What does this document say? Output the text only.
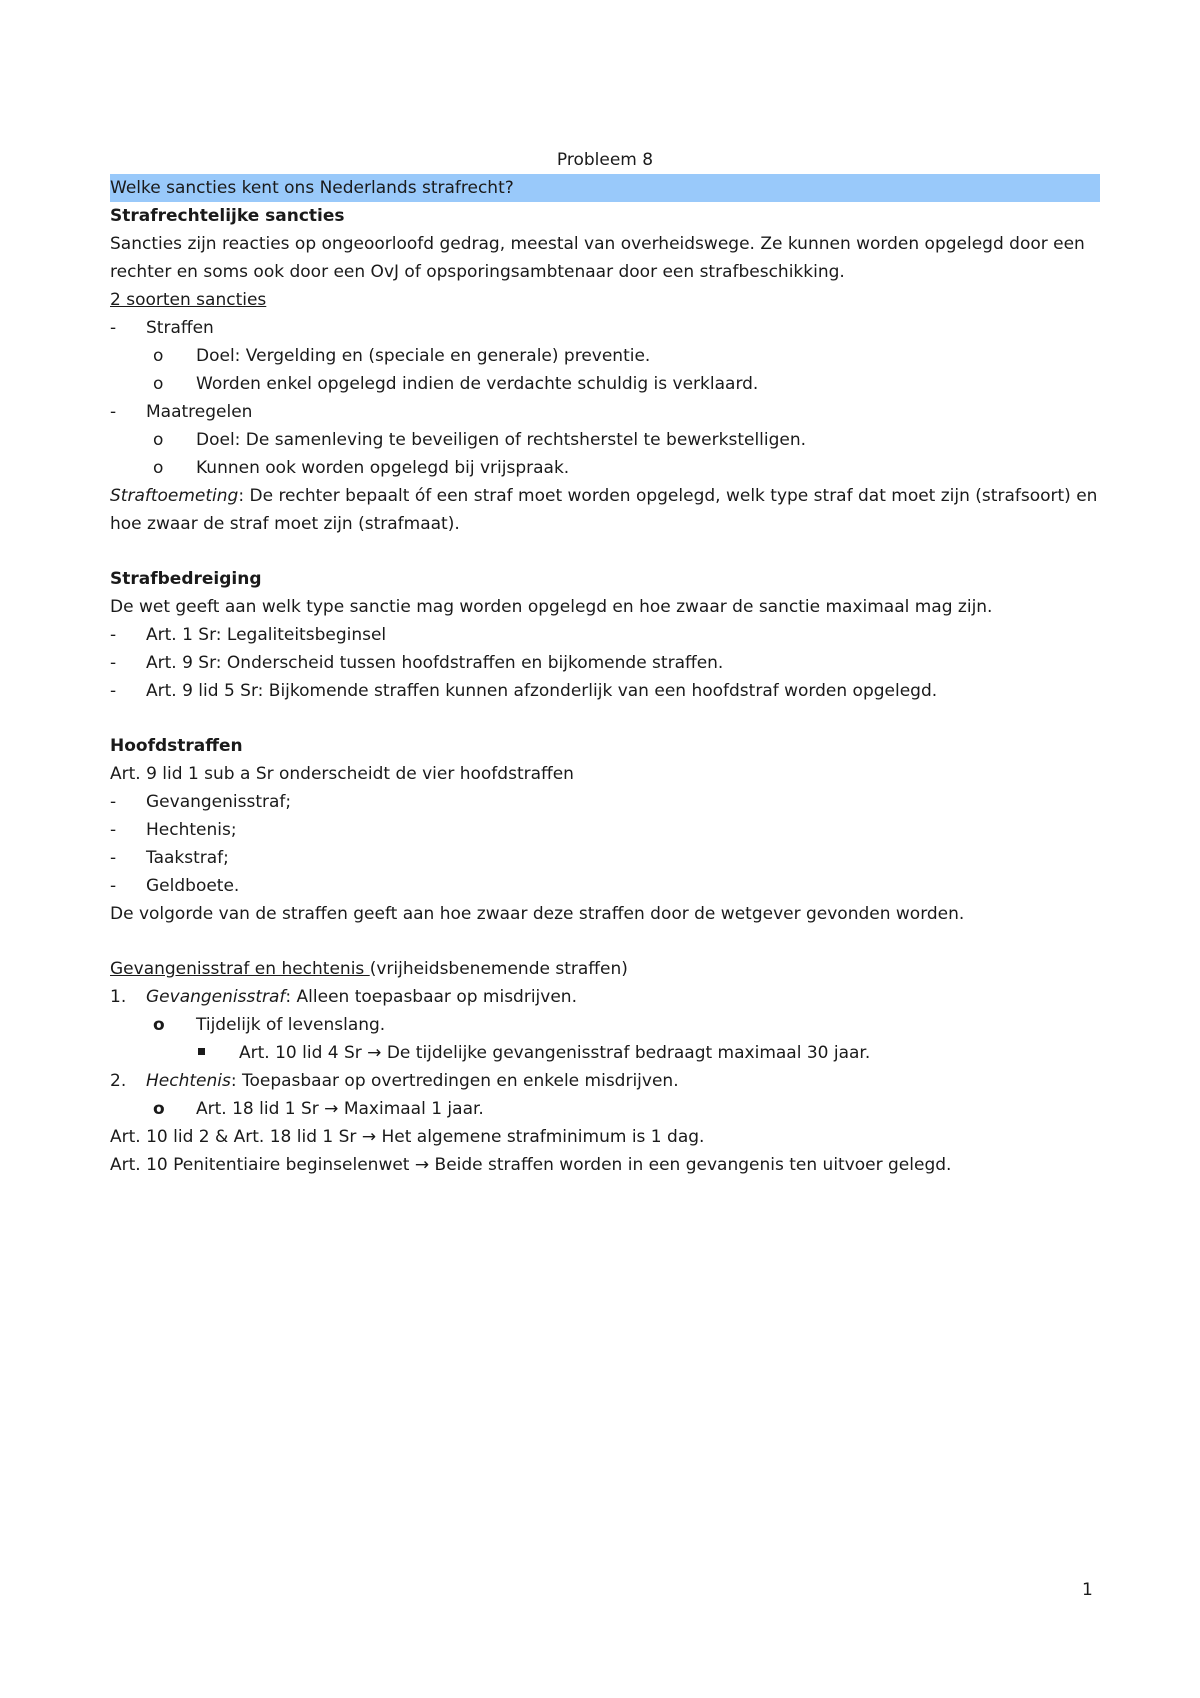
Probleem 8
Welke sancties kent ons Nederlands strafrecht?
Strafrechtelijke sancties
Sancties zijn reacties op ongeoorloofd gedrag, meestal van overheidswege. Ze kunnen worden opgelegd door een rechter en soms ook door een OvJ of opsporingsambtenaar door een strafbeschikking.
2 soorten sancties
-	Straffen
o	Doel: Vergelding en (speciale en generale) preventie.
o	Worden enkel opgelegd indien de verdachte schuldig is verklaard.
-	Maatregelen
o	Doel: De samenleving te beveiligen of rechtsherstel te bewerkstelligen.
o	Kunnen ook worden opgelegd bij vrijspraak.
Straftoemeting: De rechter bepaalt óf een straf moet worden opgelegd, welk type straf dat moet zijn (strafsoort) en hoe zwaar de straf moet zijn (strafmaat).
Strafbedreiging
De wet geeft aan welk type sanctie mag worden opgelegd en hoe zwaar de sanctie maximaal mag zijn.
-	Art. 1 Sr: Legaliteitsbeginsel
-	Art. 9 Sr: Onderscheid tussen hoofdstraffen en bijkomende straffen.
-	Art. 9 lid 5 Sr: Bijkomende straffen kunnen afzonderlijk van een hoofdstraf worden opgelegd.
Hoofdstraffen
Art. 9 lid 1 sub a Sr onderscheidt de vier hoofdstraffen
-	Gevangenisstraf;
-	Hechtenis;
-	Taakstraf;
-	Geldboete.
De volgorde van de straffen geeft aan hoe zwaar deze straffen door de wetgever gevonden worden.
Gevangenisstraf en hechtenis (vrijheidsbenemende straffen)
1.	Gevangenisstraf: Alleen toepasbaar op misdrijven.
o	Tijdelijk of levenslang.
Art. 10 lid 4 Sr → De tijdelijke gevangenisstraf bedraagt maximaal 30 jaar.
2.	Hechtenis: Toepasbaar op overtredingen en enkele misdrijven.
o	Art. 18 lid 1 Sr → Maximaal 1 jaar.
Art. 10 lid 2 & Art. 18 lid 1 Sr → Het algemene strafminimum is 1 dag.
Art. 10 Penitentiaire beginselenwet → Beide straffen worden in een gevangenis ten uitvoer gelegd.
1
